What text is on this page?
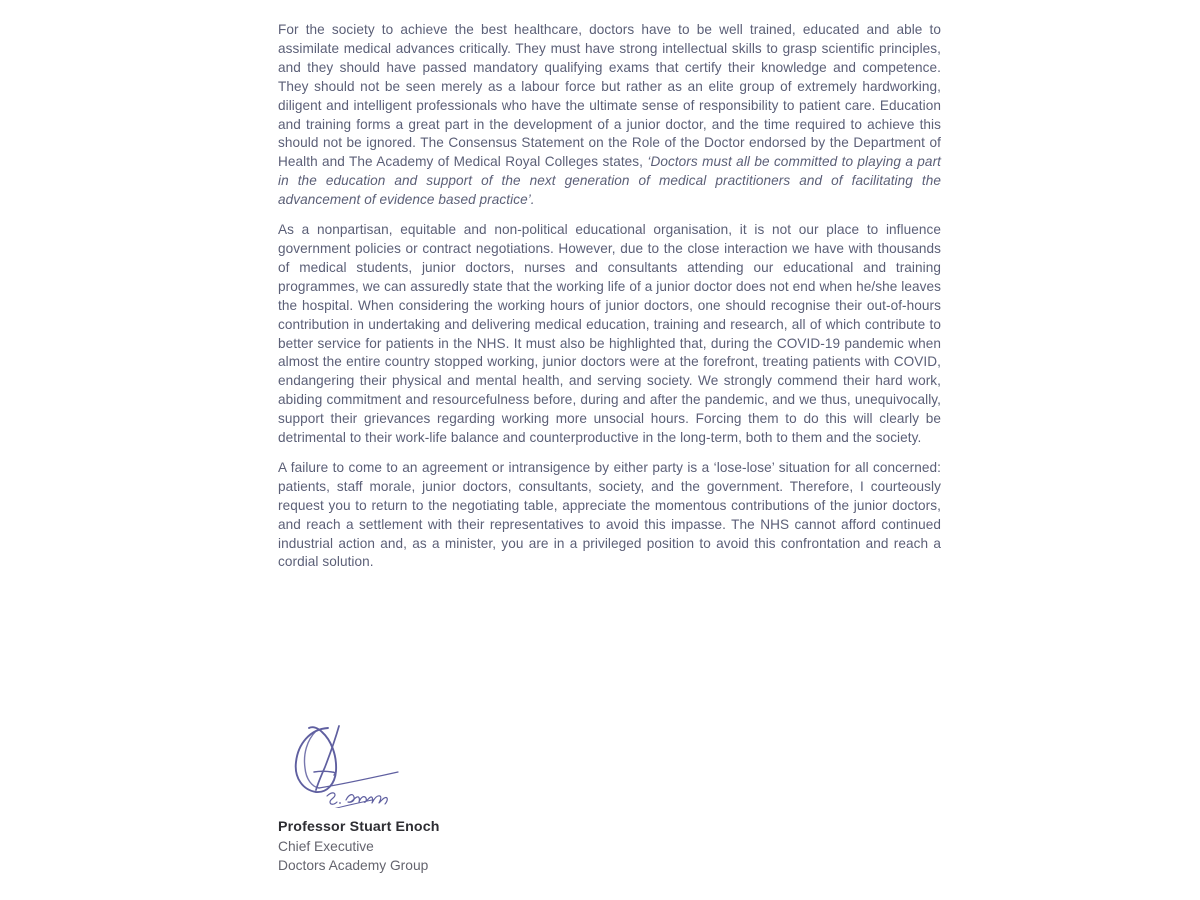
For the society to achieve the best healthcare, doctors have to be well trained, educated and able to assimilate medical advances critically. They must have strong intellectual skills to grasp scientific principles, and they should have passed mandatory qualifying exams that certify their knowledge and competence. They should not be seen merely as a labour force but rather as an elite group of extremely hardworking, diligent and intelligent professionals who have the ultimate sense of responsibility to patient care. Education and training forms a great part in the development of a junior doctor, and the time required to achieve this should not be ignored. The Consensus Statement on the Role of the Doctor endorsed by the Department of Health and The Academy of Medical Royal Colleges states, ‘Doctors must all be committed to playing a part in the education and support of the next generation of medical practitioners and of facilitating the advancement of evidence based practice’.

As a nonpartisan, equitable and non-political educational organisation, it is not our place to influence government policies or contract negotiations. However, due to the close interaction we have with thousands of medical students, junior doctors, nurses and consultants attending our educational and training programmes, we can assuredly state that the working life of a junior doctor does not end when he/she leaves the hospital. When considering the working hours of junior doctors, one should recognise their out-of-hours contribution in undertaking and delivering medical education, training and research, all of which contribute to better service for patients in the NHS. It must also be highlighted that, during the COVID-19 pandemic when almost the entire country stopped working, junior doctors were at the forefront, treating patients with COVID, endangering their physical and mental health, and serving society. We strongly commend their hard work, abiding commitment and resourcefulness before, during and after the pandemic, and we thus, unequivocally, support their grievances regarding working more unsocial hours. Forcing them to do this will clearly be detrimental to their work-life balance and counterproductive in the long-term, both to them and the society.

A failure to come to an agreement or intransigence by either party is a ‘lose-lose’ situation for all concerned: patients, staff morale, junior doctors, consultants, society, and the government. Therefore, I courteously request you to return to the negotiating table, appreciate the momentous contributions of the junior doctors, and reach a settlement with their representatives to avoid this impasse. The NHS cannot afford continued industrial action and, as a minister, you are in a privileged position to avoid this confrontation and reach a cordial solution.

Professor Stuart Enoch
Chief Executive
Doctors Academy Group
